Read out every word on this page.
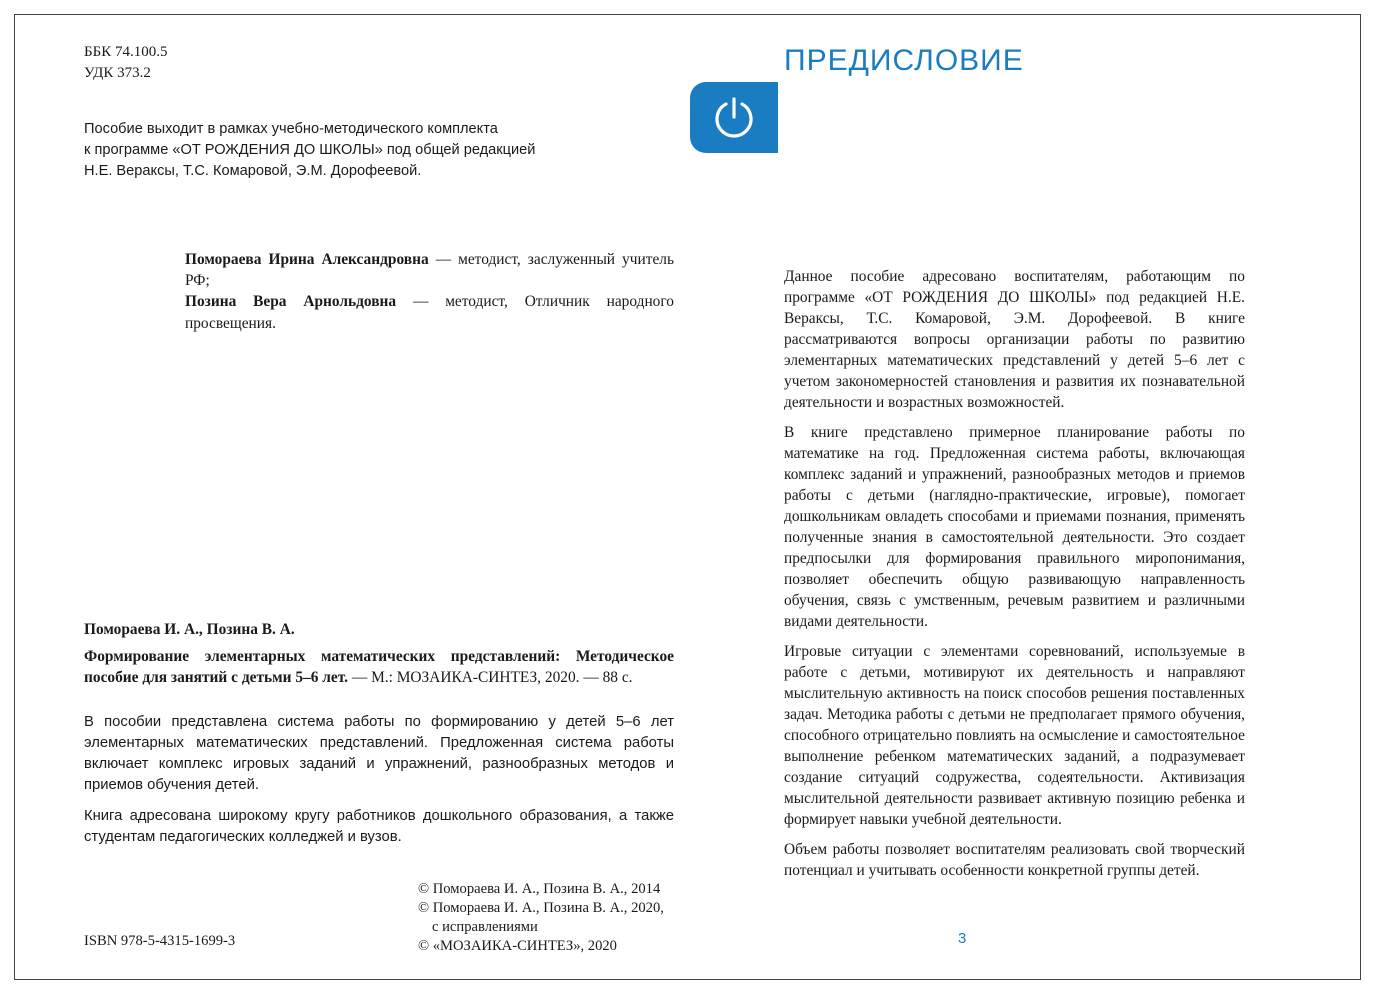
ББК 74.100.5
УДК 373.2
Пособие выходит в рамках учебно-методического комплекта
к программе «ОТ РОЖДЕНИЯ ДО ШКОЛЫ» под общей редакцией
Н.Е. Вераксы, Т.С. Комаровой, Э.М. Дорофеевой.

Помораева Ирина Александровна — методист, заслуженный учитель РФ;

Позина Вера Арнольдовна — методист, Отличник народного просвещения.

Помораева И. А., Позина В. А.

Формирование элементарных математических представлений: Методическое пособие для занятий с детьми 5–6 лет. — М.: МОЗАИКА-СИНТЕЗ, 2020. — 88 с.

В пособии представлена система работы по формированию у детей 5–6 лет элементарных математических представлений. Предложенная система работы включает комплекс игровых заданий и упражнений, разнообразных методов и приемов обучения детей.

Книга адресована широкому кругу работников дошкольного образования, а также студентам педагогических колледжей и вузов.

© Помораева И. А., Позина В. А., 2014
© Помораева И. А., Позина В. А., 2020,
с исправлениями
© «МОЗАИКА-СИНТЕЗ», 2020
ISBN 978-5-4315-1699-3
ПРЕДИСЛОВИЕ

Данное пособие адресовано воспитателям, работающим по программе «ОТ РОЖДЕНИЯ ДО ШКОЛЫ» под редакцией Н.Е. Вераксы, Т.С. Комаровой, Э.М. Дорофеевой. В книге рассматриваются вопросы организации работы по развитию элементарных математических представлений у детей 5–6 лет с учетом закономерностей становления и развития их познавательной деятельности и возрастных возможностей.

В книге представлено примерное планирование работы по математике на год. Предложенная система работы, включающая комплекс заданий и упражнений, разнообразных методов и приемов работы с детьми (наглядно-практические, игровые), помогает дошкольникам овладеть способами и приемами познания, применять полученные знания в самостоятельной деятельности. Это создает предпосылки для формирования правильного миропонимания, позволяет обеспечить общую развивающую направленность обучения, связь с умственным, речевым развитием и различными видами деятельности.

Игровые ситуации с элементами соревнований, используемые в работе с детьми, мотивируют их деятельность и направляют мыслительную активность на поиск способов решения поставленных задач. Методика работы с детьми не предполагает прямого обучения, способного отрицательно повлиять на осмысление и самостоятельное выполнение ребенком математических заданий, а подразумевает создание ситуаций содружества, содеятельности. Активизация мыслительной деятельности развивает активную позицию ребенка и формирует навыки учебной деятельности.

Объем работы позволяет воспитателям реализовать свой творческий потенциал и учитывать особенности конкретной группы детей.

3
